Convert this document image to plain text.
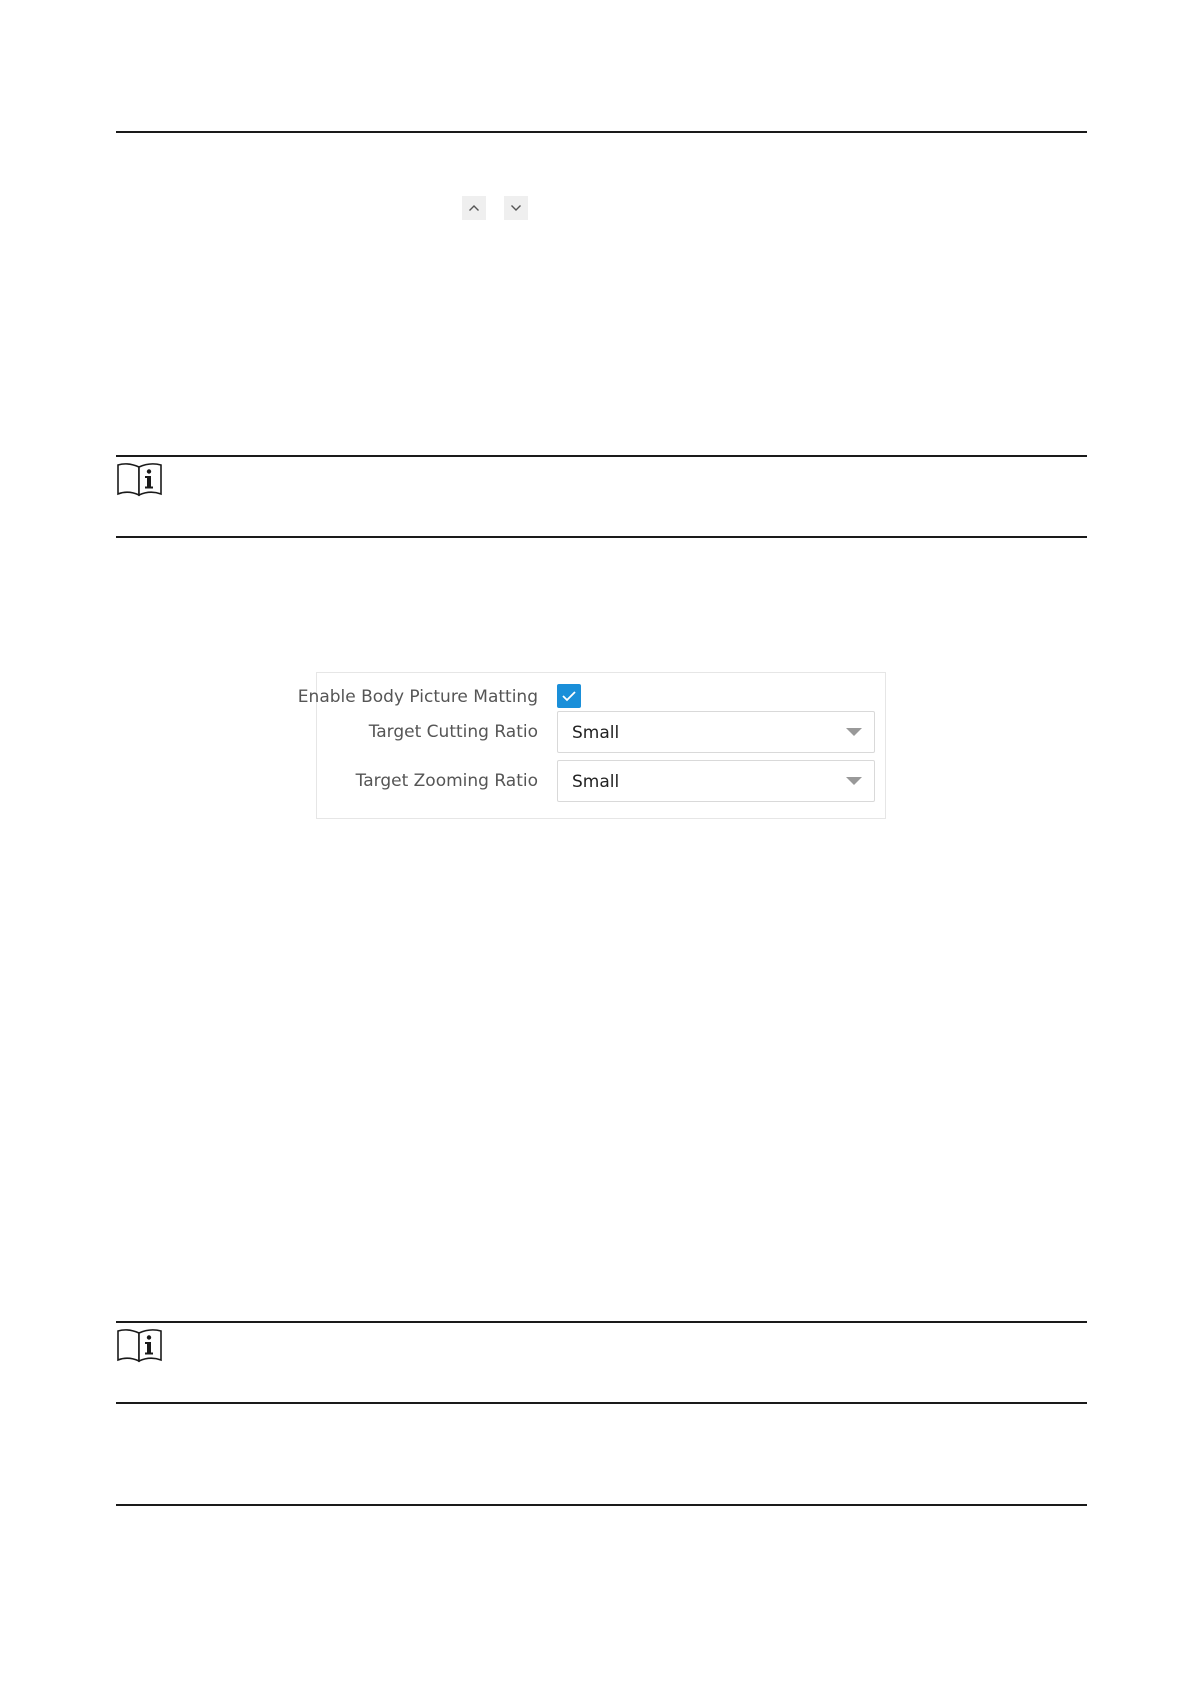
Enable Body Picture Matting
Target Cutting Ratio Small
Target Zooming Ratio Small
